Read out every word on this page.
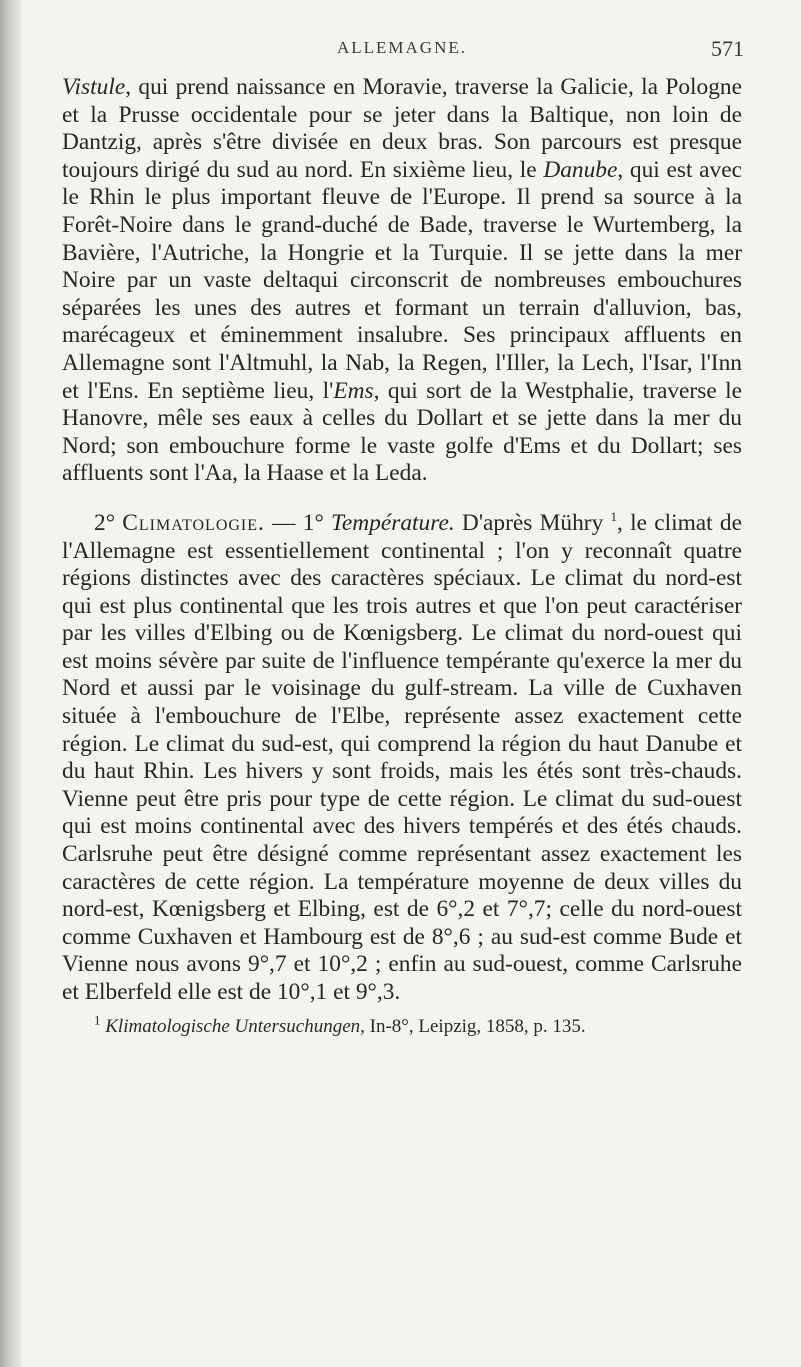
ALLEMAGNE.	571

Vistule, qui prend naissance en Moravie, traverse la Galicie, la Pologne et la Prusse occidentale pour se jeter dans la Baltique, non loin de Dantzig, après s'être divisée en deux bras. Son parcours est presque toujours dirigé du sud au nord. En sixième lieu, le Danube, qui est avec le Rhin le plus important fleuve de l'Europe. Il prend sa source à la Forêt-Noire dans le grand-duché de Bade, traverse le Wurtemberg, la Bavière, l'Autriche, la Hongrie et la Turquie. Il se jette dans la mer Noire par un vaste deltaqui circonscrit de nombreuses embouchures séparées les unes des autres et formant un terrain d'alluvion, bas, marécageux et éminemment insalubre. Ses principaux affluents en Allemagne sont l'Altmuhl, la Nab, la Regen, l'Iller, la Lech, l'Isar, l'Inn et l'Ens. En septième lieu, l'Ems, qui sort de la Westphalie, traverse le Hanovre, mêle ses eaux à celles du Dollart et se jette dans la mer du Nord; son embouchure forme le vaste golfe d'Ems et du Dollart; ses affluents sont l'Aa, la Haase et la Leda.

2° Climatologie. — 1° Température. D'après Mühry $^1$, le climat de l'Allemagne est essentiellement continental ; l'on y reconnaît quatre régions distinctes avec des caractères spéciaux. Le climat du nord-est qui est plus continental que les trois autres et que l'on peut caractériser par les villes d'Elbing ou de Kœnigsberg. Le climat du nord-ouest qui est moins sévère par suite de l'influence tempérante qu'exerce la mer du Nord et aussi par le voisinage du gulf-stream. La ville de Cuxhaven située à l'embouchure de l'Elbe, représente assez exactement cette région. Le climat du sud-est, qui comprend la région du haut Danube et du haut Rhin. Les hivers y sont froids, mais les étés sont très-chauds. Vienne peut être pris pour type de cette région. Le climat du sud-ouest qui est moins continental avec des hivers tempérés et des étés chauds. Carlsruhe peut être désigné comme représentant assez exactement les caractères de cette région. La température moyenne de deux villes du nord-est, Kœnigsberg et Elbing, est de 6°,2 et 7°,7; celle du nord-ouest comme Cuxhaven et Hambourg est de 8°,6 ; au sud-est comme Bude et Vienne nous avons 9°,7 et 10°,2 ; enfin au sud-ouest, comme Carlsruhe et Elberfeld elle est de 10°,1 et 9°,3.

$^1$ Klimatologische Untersuchungen, In-8°, Leipzig, 1858, p. 135.
